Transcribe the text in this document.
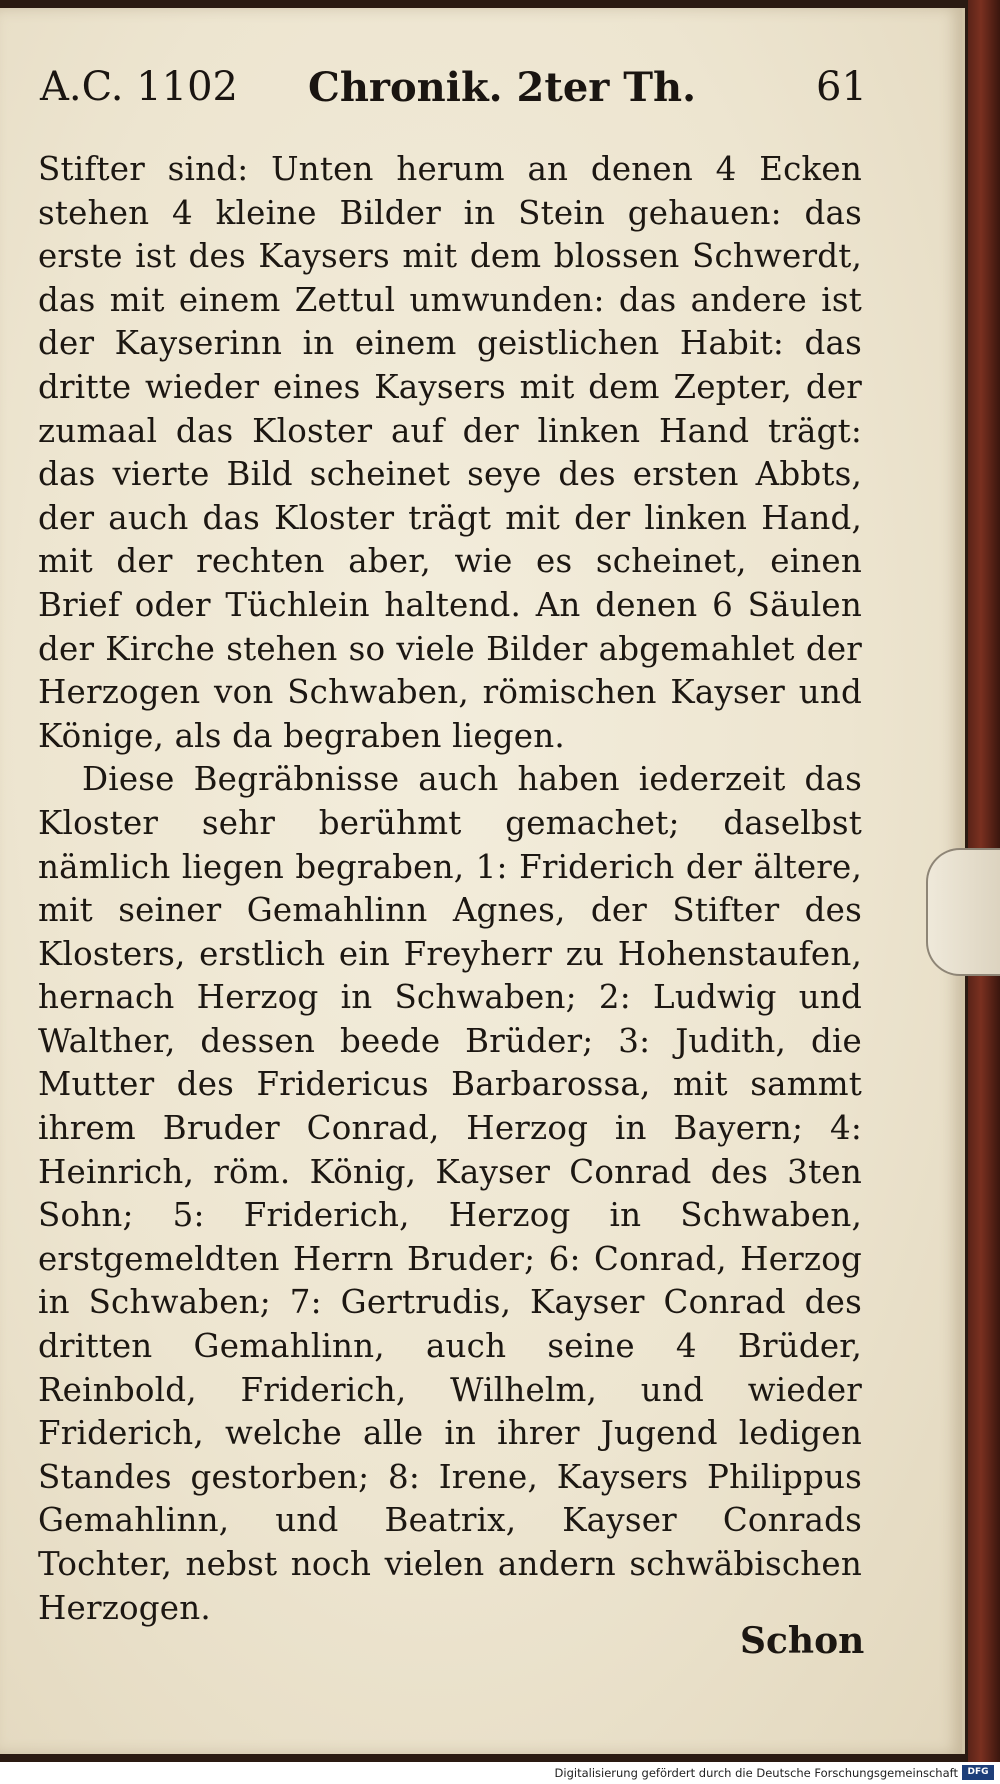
A.C. 1102 Chronik. 2ter Th.	61

Stifter sind: Unten herum an denen 4 Ecken stehen 4 kleine Bilder in Stein gehauen: das erste ist des Kaysers mit dem blossen Schwerdt, das mit einem Zettul umwunden: das andere ist der Kayserinn in einem geistlichen Habit: das dritte wieder eines Kaysers mit dem Zepter, der zumaal das Kloster auf der linken Hand trägt: das vierte Bild scheinet seye des ersten Abbts, der auch das Kloster trägt mit der linken Hand, mit der rechten aber, wie es scheinet, einen Brief oder Tüchlein haltend. An denen 6 Säulen der Kirche stehen so viele Bilder abgemahlet der Herzogen von Schwaben, römischen Kayser und Könige, als da begraben liegen.

Diese Begräbnisse auch haben iederzeit das Kloster sehr berühmt gemachet; daselbst nämlich liegen begraben, 1: Friderich der ältere, mit seiner Gemahlinn Agnes, der Stifter des Klosters, erstlich ein Freyherr zu Hohenstaufen, hernach Herzog in Schwaben; 2: Ludwig und Walther, dessen beede Brüder; 3: Judith, die Mutter des Fridericus Barbarossa, mit sammt ihrem Bruder Conrad, Herzog in Bayern; 4: Heinrich, röm. König, Kayser Conrad des 3ten Sohn; 5: Friderich, Herzog in Schwaben, erstgemeldten Herrn Bruder; 6: Conrad, Herzog in Schwaben; 7: Gertrudis, Kayser Conrad des dritten Gemahlinn, auch seine 4 Brüder, Reinbold, Friderich, Wilhelm, und wieder Friderich, welche alle in ihrer Jugend ledigen Standes gestorben; 8: Irene, Kaysers Philippus Gemahlinn, und Beatrix, Kayser Conrads Tochter, nebst noch vielen andern schwäbischen Herzogen.

Schon
Digitalisierung gefördert durch die Deutsche Forschungsgemeinschaft	DFG
